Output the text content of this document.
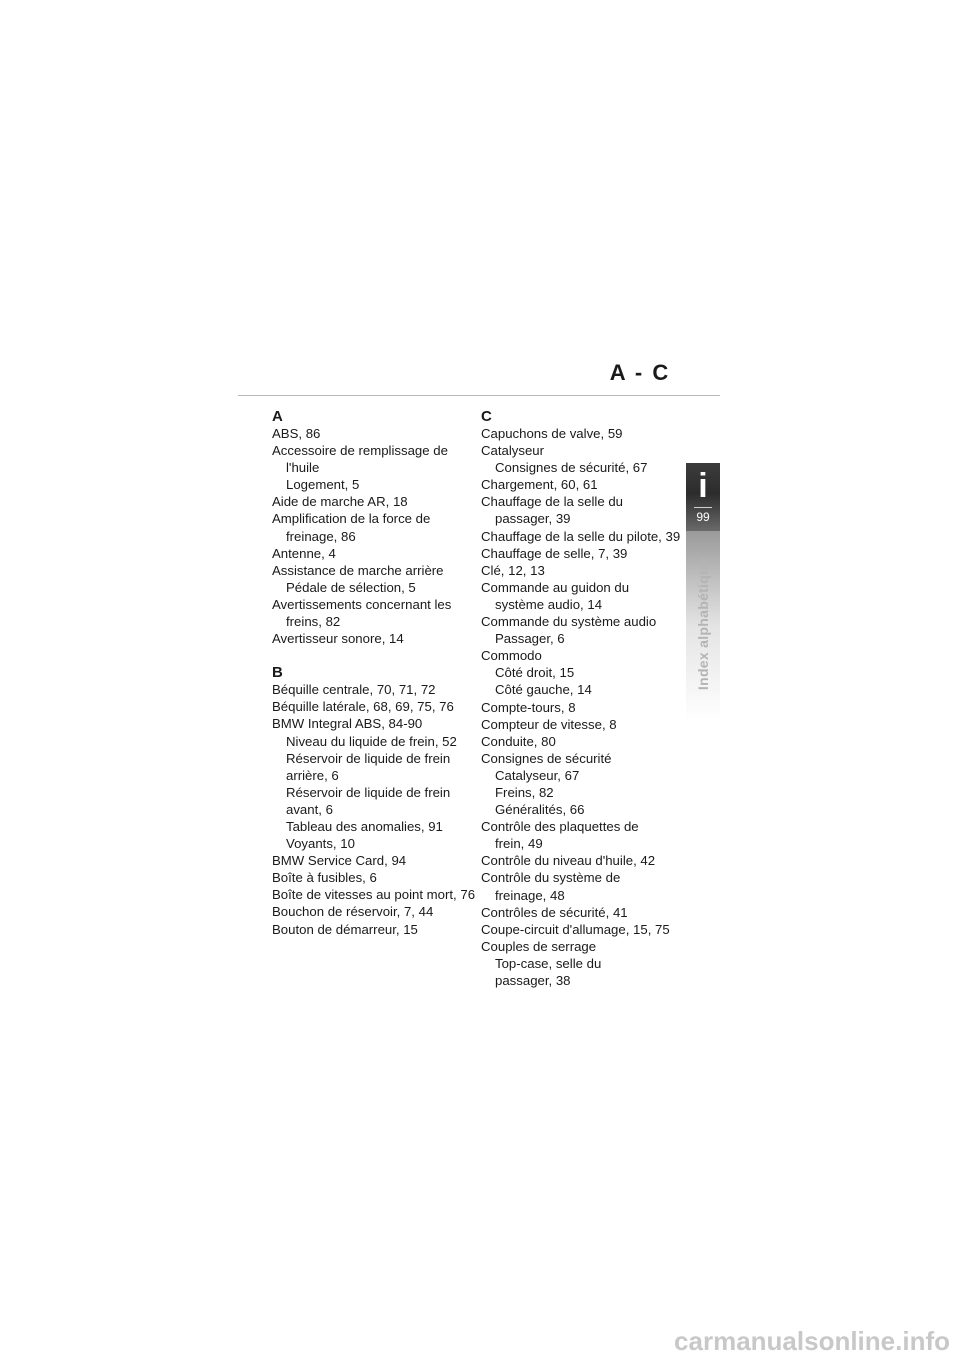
A - C
i
99
Index alphabétique
A
ABS, 86
Accessoire de remplissage de
l'huile
Logement, 5
Aide de marche AR, 18
Amplification de la force de
freinage, 86
Antenne, 4
Assistance de marche arrière
Pédale de sélection, 5
Avertissements concernant les
freins, 82
Avertisseur sonore, 14
B
Béquille centrale, 70, 71, 72
Béquille latérale, 68, 69, 75, 76
BMW Integral ABS, 84-90
Niveau du liquide de frein, 52
Réservoir de liquide de frein
arrière, 6
Réservoir de liquide de frein
avant, 6
Tableau des anomalies, 91
Voyants, 10
BMW Service Card, 94
Boîte à fusibles, 6
Boîte de vitesses au point mort, 76
Bouchon de réservoir, 7, 44
Bouton de démarreur, 15
C
Capuchons de valve, 59
Catalyseur
Consignes de sécurité, 67
Chargement, 60, 61
Chauffage de la selle du
passager, 39
Chauffage de la selle du pilote, 39
Chauffage de selle, 7, 39
Clé, 12, 13
Commande au guidon du
système audio, 14
Commande du système audio
Passager, 6
Commodo
Côté droit, 15
Côté gauche, 14
Compte-tours, 8
Compteur de vitesse, 8
Conduite, 80
Consignes de sécurité
Catalyseur, 67
Freins, 82
Généralités, 66
Contrôle des plaquettes de
frein, 49
Contrôle du niveau d'huile, 42
Contrôle du système de
freinage, 48
Contrôles de sécurité, 41
Coupe-circuit d'allumage, 15, 75
Couples de serrage
Top-case, selle du
passager, 38
carmanualsonline.info
